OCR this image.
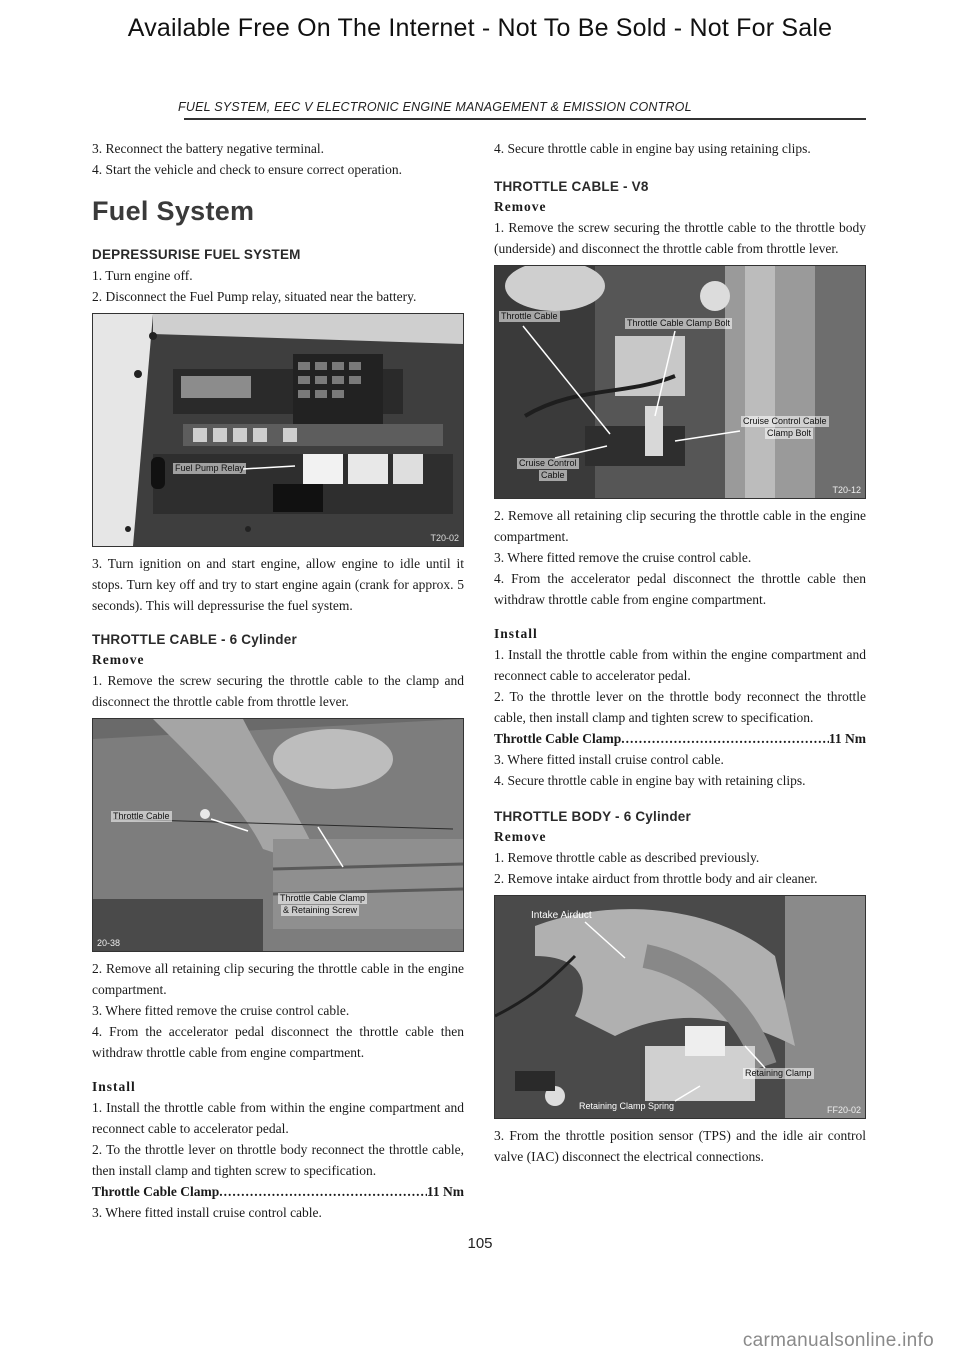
Available Free On The Internet - Not To Be Sold - Not For Sale
FUEL SYSTEM, EEC V ELECTRONIC ENGINE MANAGEMENT & EMISSION CONTROL

3. Reconnect the battery negative terminal.

4. Start the vehicle and check to ensure correct operation.

Fuel System
DEPRESSURISE FUEL SYSTEM

1. Turn engine off.

2. Disconnect the Fuel Pump relay, situated near the battery.

Fuel Pump Relay
T20-02

3. Turn ignition on and start engine, allow engine to idle until it stops. Turn key off and try to start engine again (crank for approx. 5 seconds). This will depressurise the fuel system.

THROTTLE CABLE - 6 Cylinder
Remove

1. Remove the screw securing the throttle cable to the clamp and disconnect the throttle cable from throttle lever.

Throttle Cable
Throttle Cable Clamp
& Retaining Screw
20-38

2. Remove all retaining clip securing the throttle cable in the engine compartment.

3. Where fitted remove the cruise control cable.

4. From the accelerator pedal disconnect the throttle cable then withdraw throttle cable from engine compartment.

Install

1. Install the throttle cable from within the engine compartment and reconnect cable to accelerator pedal.

2. To the throttle lever on throttle body reconnect the throttle cable, then install clamp and tighten screw to specification.

Throttle Cable Clamp .....	11 Nm

3. Where fitted install cruise control cable.

4. Secure throttle cable in engine bay using retaining clips.

THROTTLE CABLE - V8
Remove

1. Remove the screw securing the throttle cable to the throttle body (underside) and disconnect the throttle cable from throttle lever.

Throttle Cable
Throttle Cable Clamp Bolt
Cruise Control Cable
Clamp Bolt
Cruise Control
Cable
T20-12

2. Remove all retaining clip securing the throttle cable in the engine compartment.

3. Where fitted remove the cruise control cable.

4. From the accelerator pedal disconnect the throttle cable then withdraw throttle cable from engine compartment.

Install

1. Install the throttle cable from within the engine compartment and reconnect cable to accelerator pedal.

2. To the throttle lever on the throttle body reconnect the throttle cable, then install clamp and tighten screw to specification.

Throttle Cable Clamp .....	11 Nm

3. Where fitted install cruise control cable.

4. Secure throttle cable in engine bay with retaining clips.

THROTTLE BODY - 6 Cylinder
Remove

1. Remove throttle cable as described previously.

2. Remove intake airduct from throttle body and air cleaner.

Intake Airduct
Retaining Clamp
Retaining Clamp Spring	FF20-02

3. From the throttle position sensor (TPS) and the idle air control valve (IAC) disconnect the electrical connections.

105
carmanualsonline.info
